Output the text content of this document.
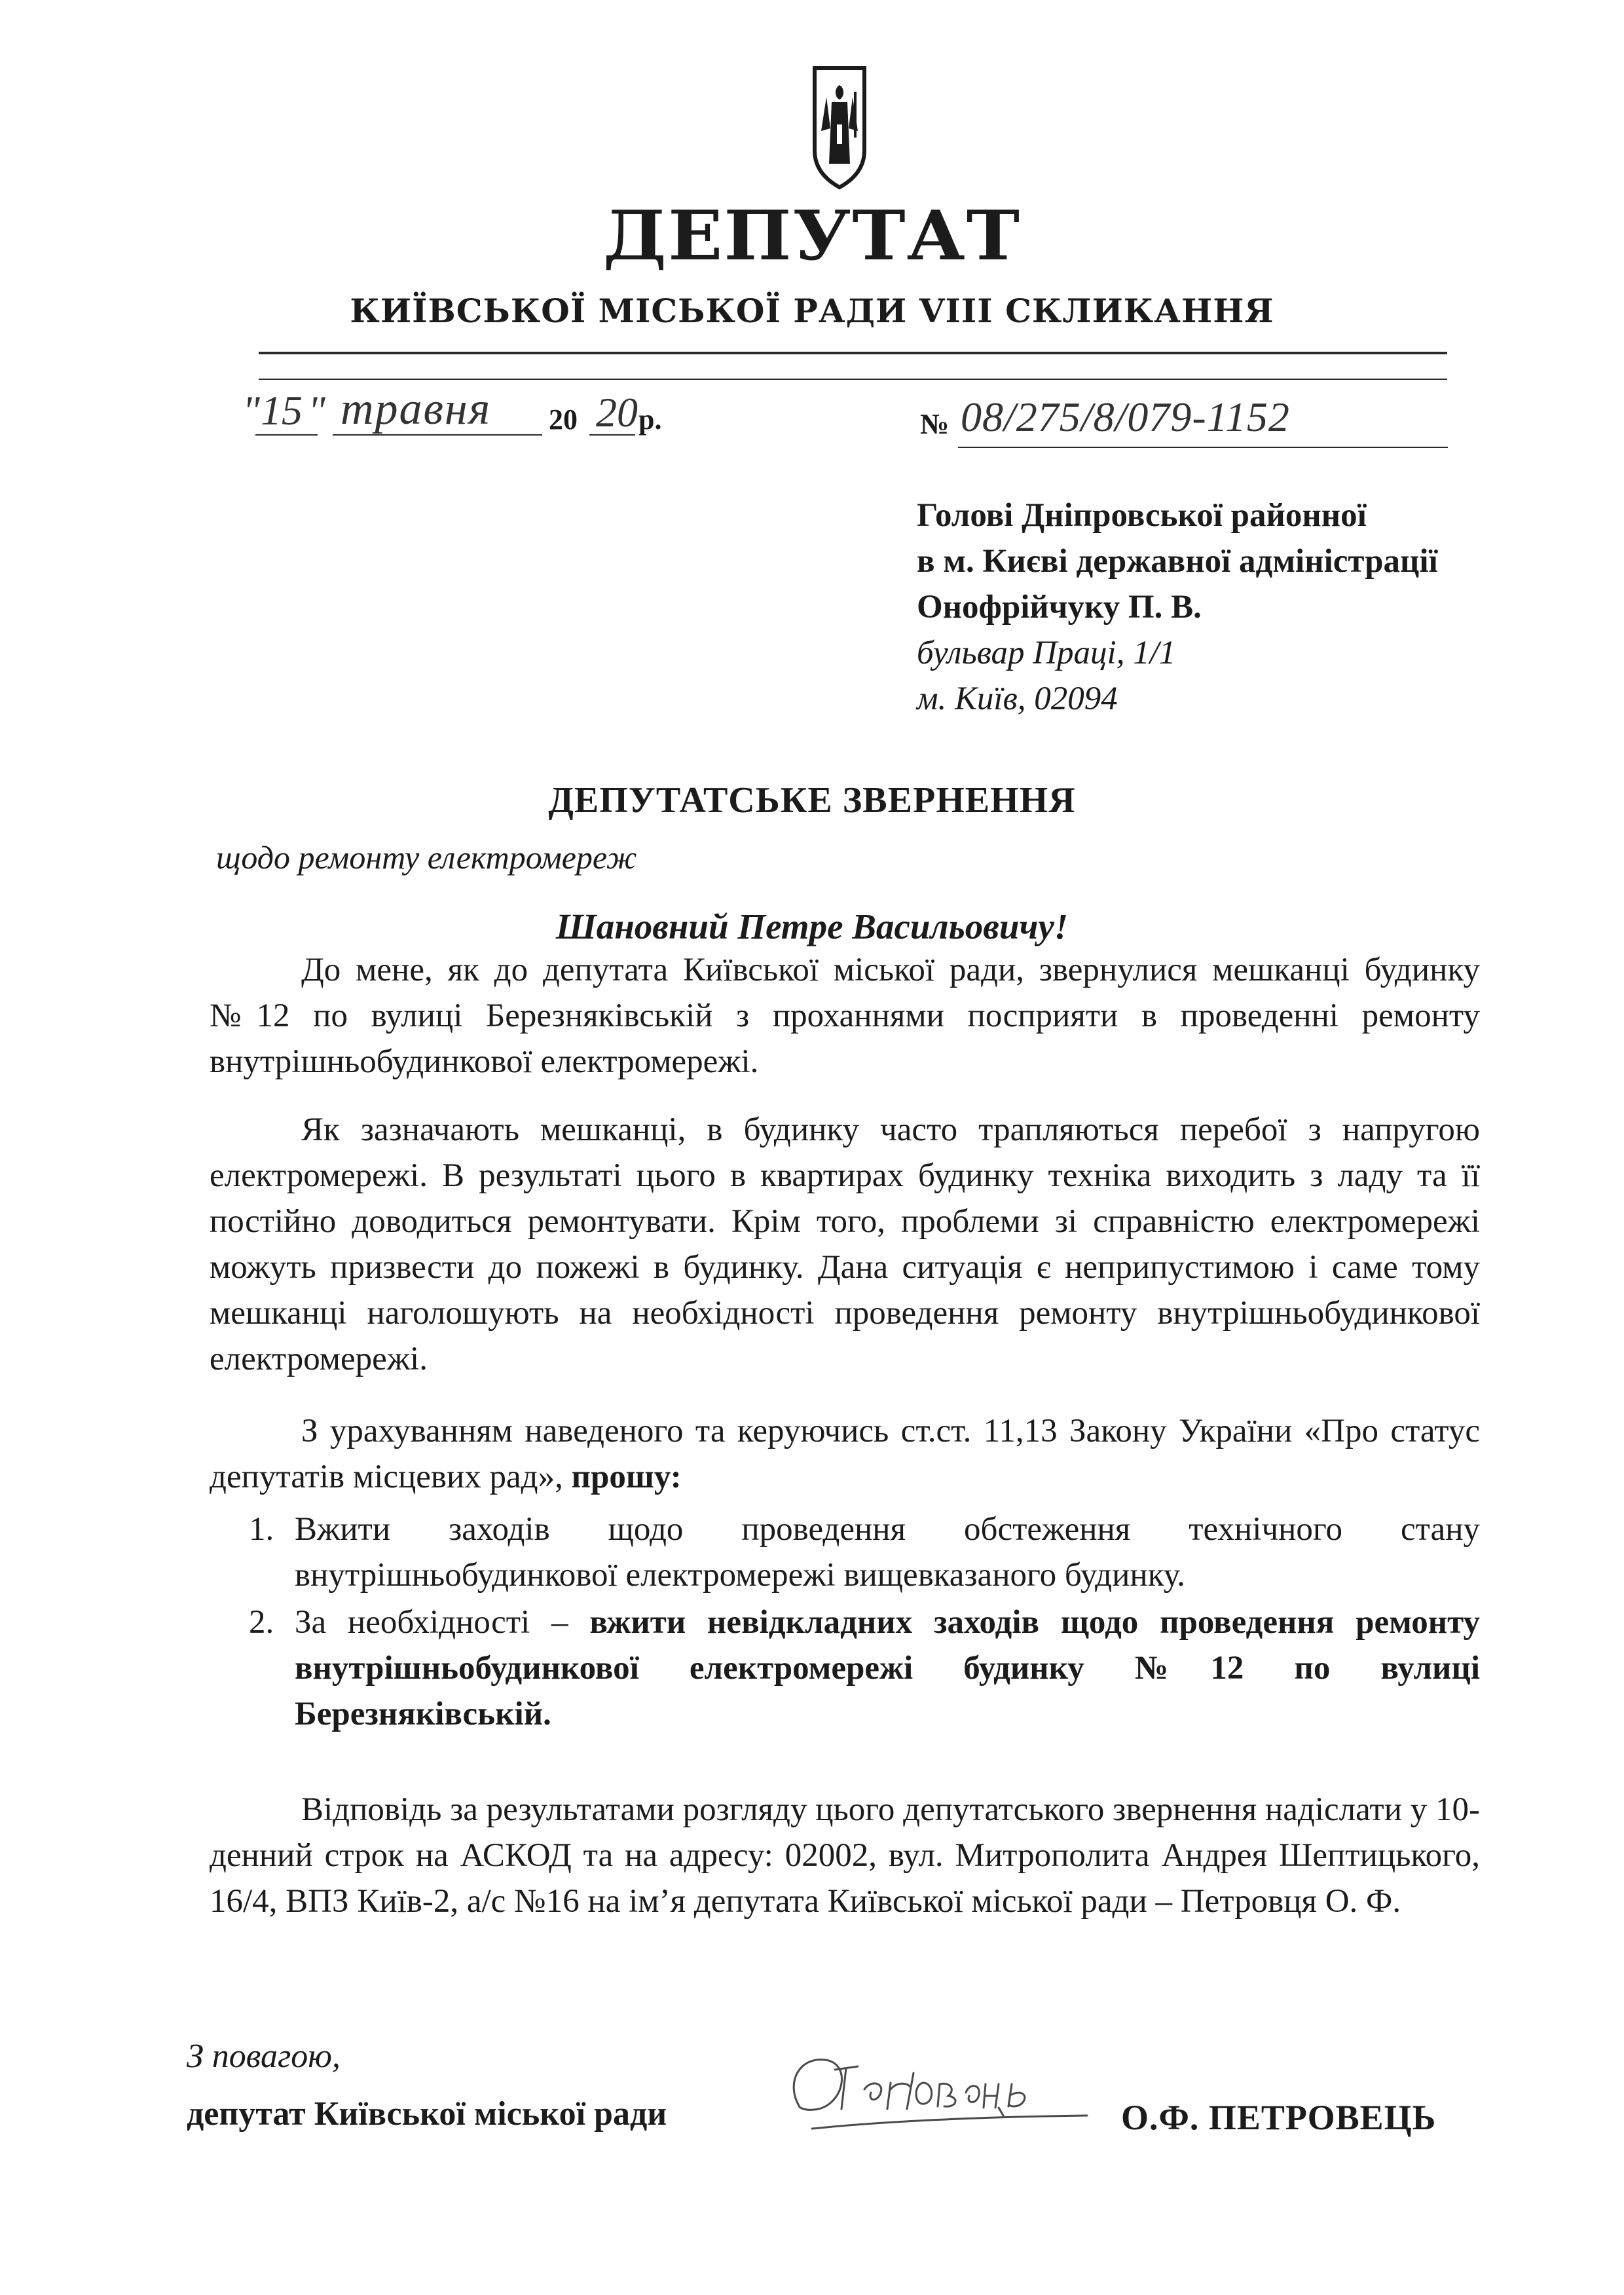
ДЕПУТАТ
КИЇВСЬКОЇ МІСЬКОЇ РАДИ VIII СКЛИКАННЯ
" 15 " травня 20 20 р.	№ 08/275/8/079-1152
Голові Дніпровської районної
в м. Києві державної адміністрації
Онофрійчуку П. В.
бульвар Праці, 1/1
м. Київ, 02094
ДЕПУТАТСЬКЕ ЗВЕРНЕННЯ
щодо ремонту електромереж
Шановний Петре Васильовичу!

До мене, як до депутата Київської міської ради, звернулися мешканці будинку №12 по вулиці Березняківській з проханнями посприяти в проведенні ремонту внутрішньобудинкової електромережі.

Як зазначають мешканці, в будинку часто трапляються перебої з напругою електромережі. В результаті цього в квартирах будинку техніка виходить з ладу та її постійно доводиться ремонтувати. Крім того, проблеми зі справністю електромережі можуть призвести до пожежі в будинку. Дана ситуація є неприпустимою і саме тому мешканці наголошують на необхідності проведення ремонту внутрішньобудинкової електромережі.

З урахуванням наведеного та керуючись ст.ст. 11,13 Закону України «Про статус депутатів місцевих рад», прошу:

1. Вжити заходів щодо проведення обстеження технічного стану внутрішньобудинкової електромережі вищевказаного будинку.
2. За необхідності – вжити невідкладних заходів щодо проведення ремонту внутрішньобудинкової електромережі будинку №12 по вулиці Березняківській.

Відповідь за результатами розгляду цього депутатського звернення надіслати у 10-денний строк на АСКОД та на адресу: 02002, вул. Митрополита Андрея Шептицького, 16/4, ВПЗ Київ-2, а/с №16 на ім’я депутата Київської міської ради – Петровця О. Ф.

З повагою,
депутат Київської міської ради	О.Ф. ПЕТРОВЕЦЬ
